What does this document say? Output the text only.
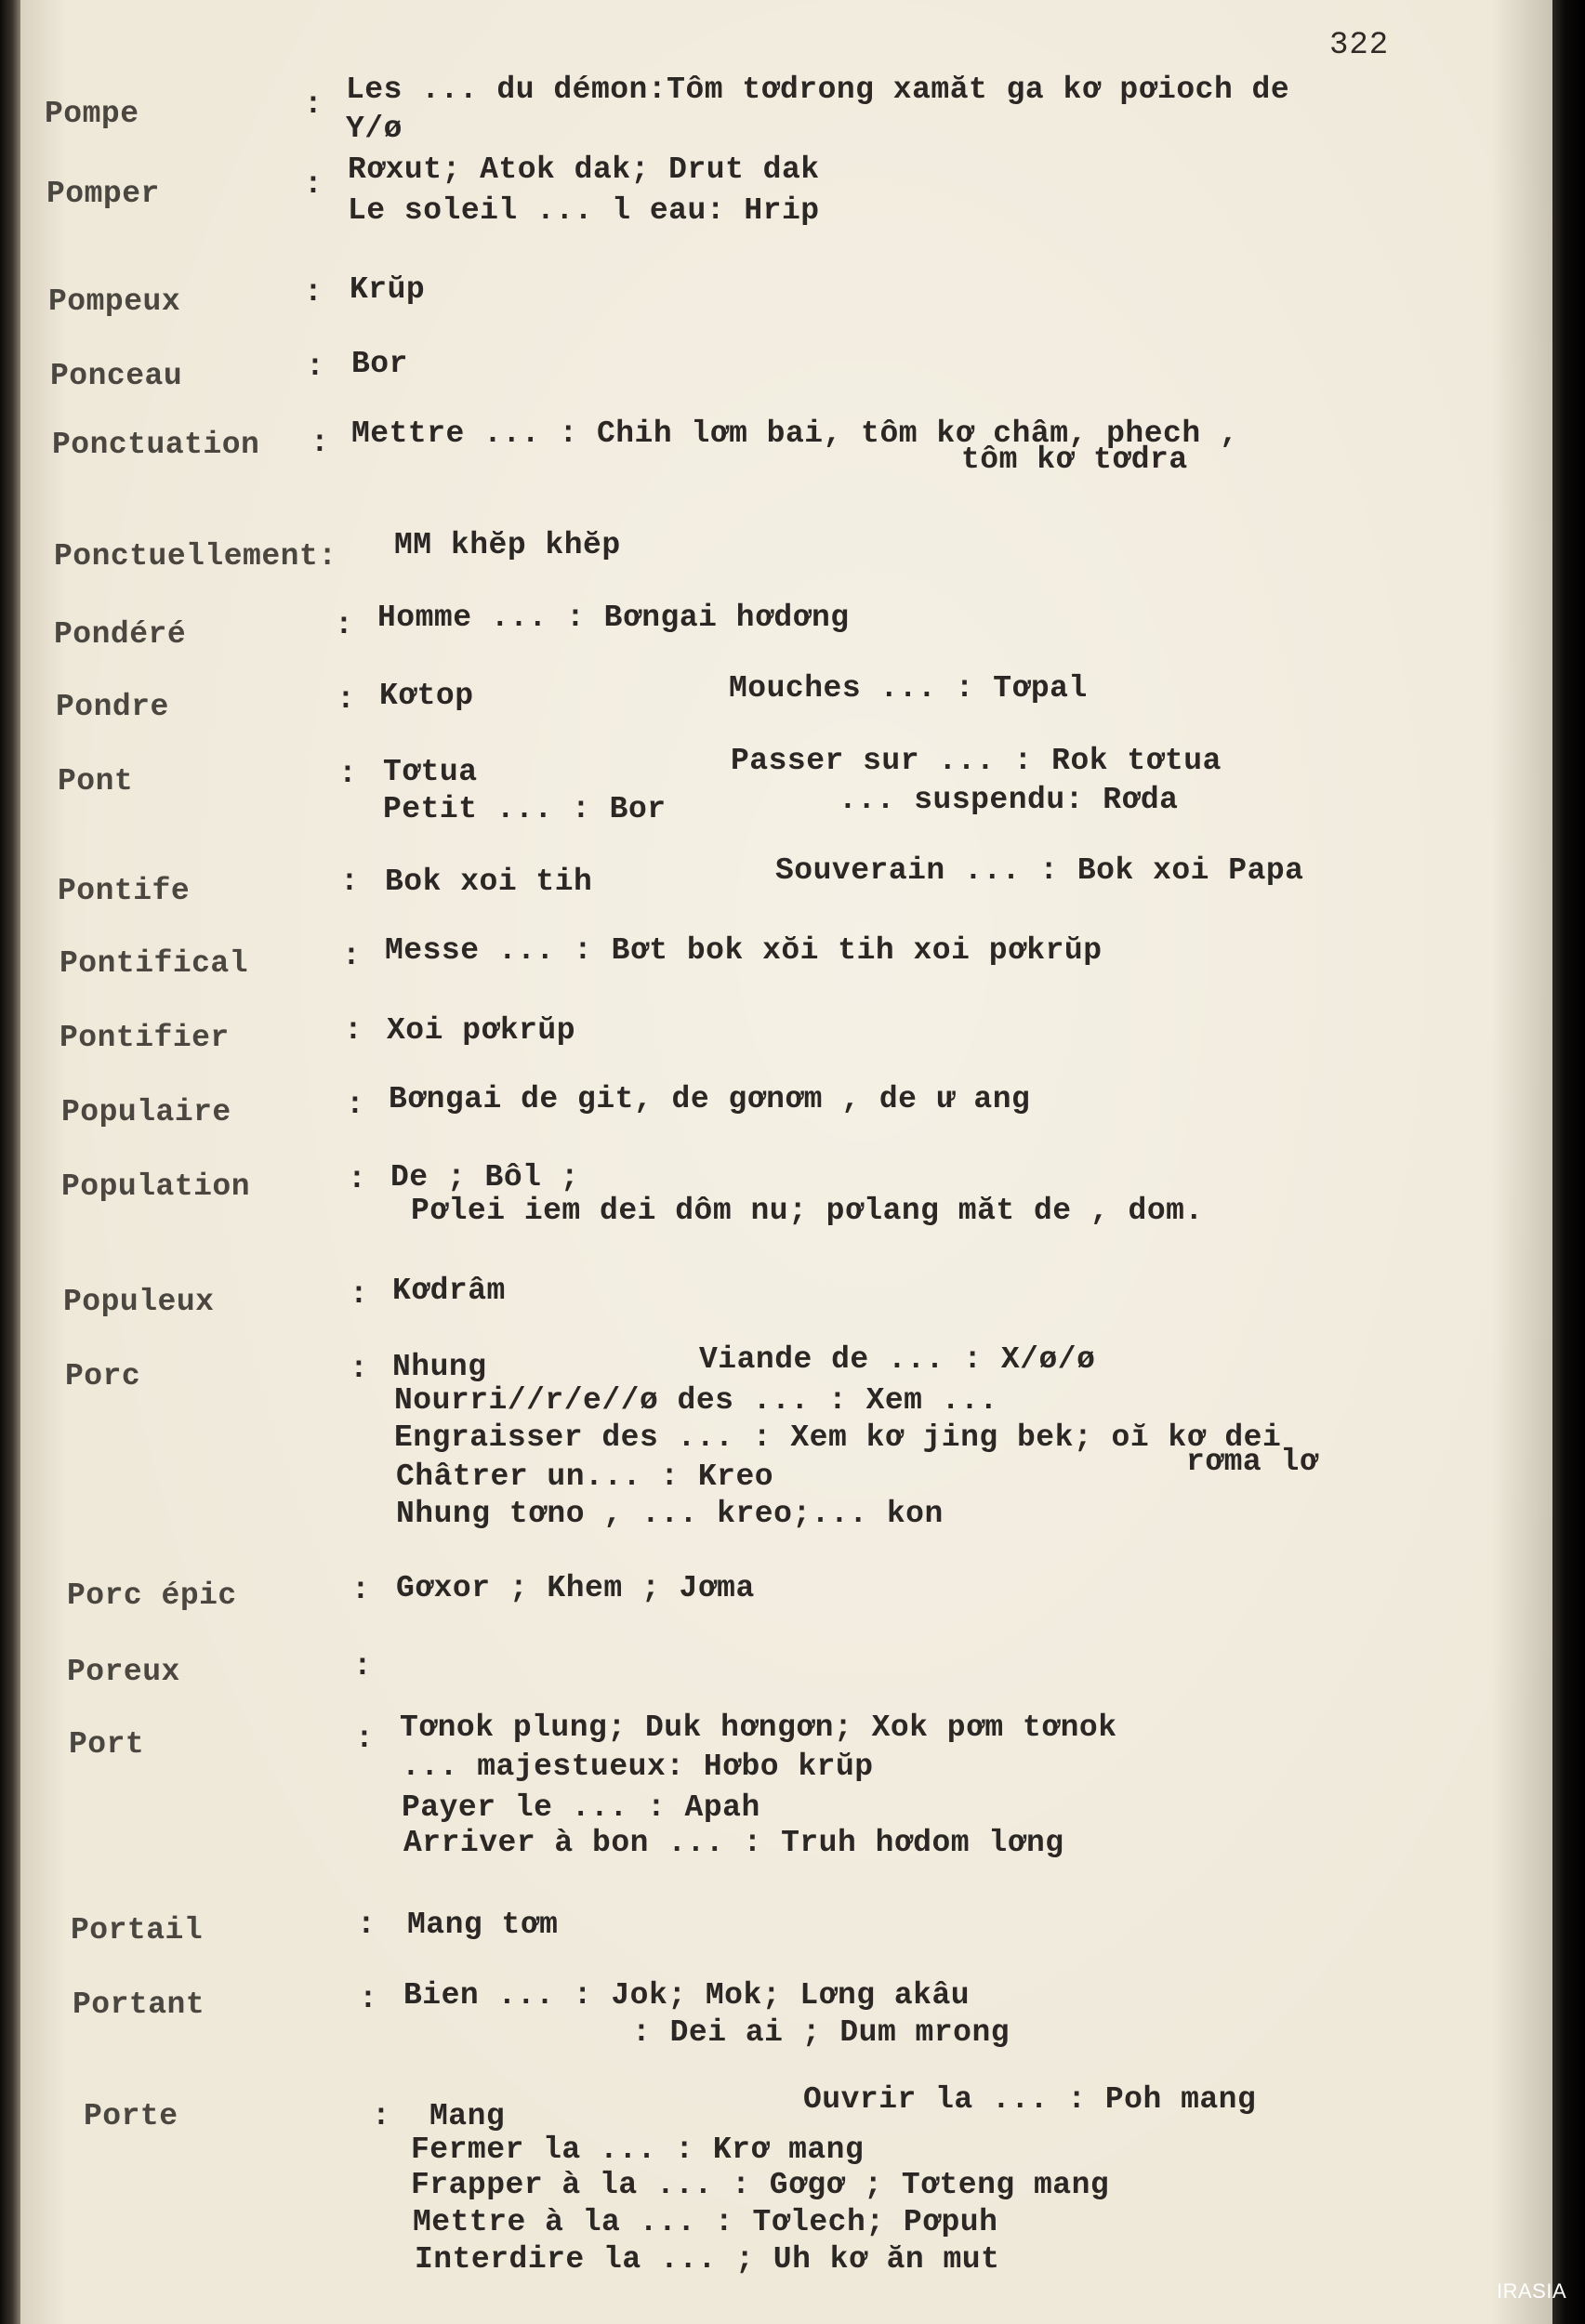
322
Pompe	: Les ... du démon:Tôm tơdrong xamăt ga kơ pơioch de
Y/ø
Pomper	: Rơxut; Atok dak; Drut dak
Le soleil ... l eau: Hrip
Pompeux	: Krŭp
Ponceau	: Bor
Ponctuation : Mettre ... : Chih lơm bai, tôm kơ châm, phech ,
tôm kơ tơdra
Ponctuellement: MM khĕp khĕp
Pondéré	: Homme ... : Bơngai hơdơng
Pondre	: Kơtop	Mouches ... : Tơpal
Pont	: Tơtua	Passer sur ... : Rok tơtua
Petit ... : Bor	... suspendu: Rơda
Pontife	: Bok xoi tih	Souverain ... : Bok xoi Papa
Pontifical	: Messe ... : Bơt bok xŏi tih xoi pơkrŭp
Pontifier	: Xoi pơkrŭp
Populaire	: Bơngai de git, de gơnơm , de ư ang
Population	: De ; Bôl ;
Pơlei iem dei dôm nu; pơlang măt de , dom.
Populeux	: Kơdrâm
Porc	: Nhung	Viande de ... : X/ø/ø
Nourri//r/e//ø des ... : Xem ...
Engraisser des ... : Xem kơ jing bek; oĭ kơ dei
rơma lơ
Châtrer un... : Kreo
Nhung tơno , ... kreo;... kon
Porc épic	: Gơxor ; Khem ; Jơma
Poreux	:
Port	: Tơnok plung; Duk hơngơn; Xok pơm tơnok
... majestueux: Hơbo krŭp
Payer le ... : Apah
Arriver à bon ... : Truh hơdom lơng
Portail	: Mang tơm
Portant	: Bien ... : Jok; Mok; Lơng akâu
: Dei ai ; Dum mrong
Porte	: Mang	Ouvrir la ... : Poh mang
Fermer la ... : Krơ mang
Frapper à la ... : Gơgơ ; Tơteng mang
Mettre à la ... : Tơlech; Pơpuh
Interdire la ... ; Uh kơ ăn mut
IRASIA
